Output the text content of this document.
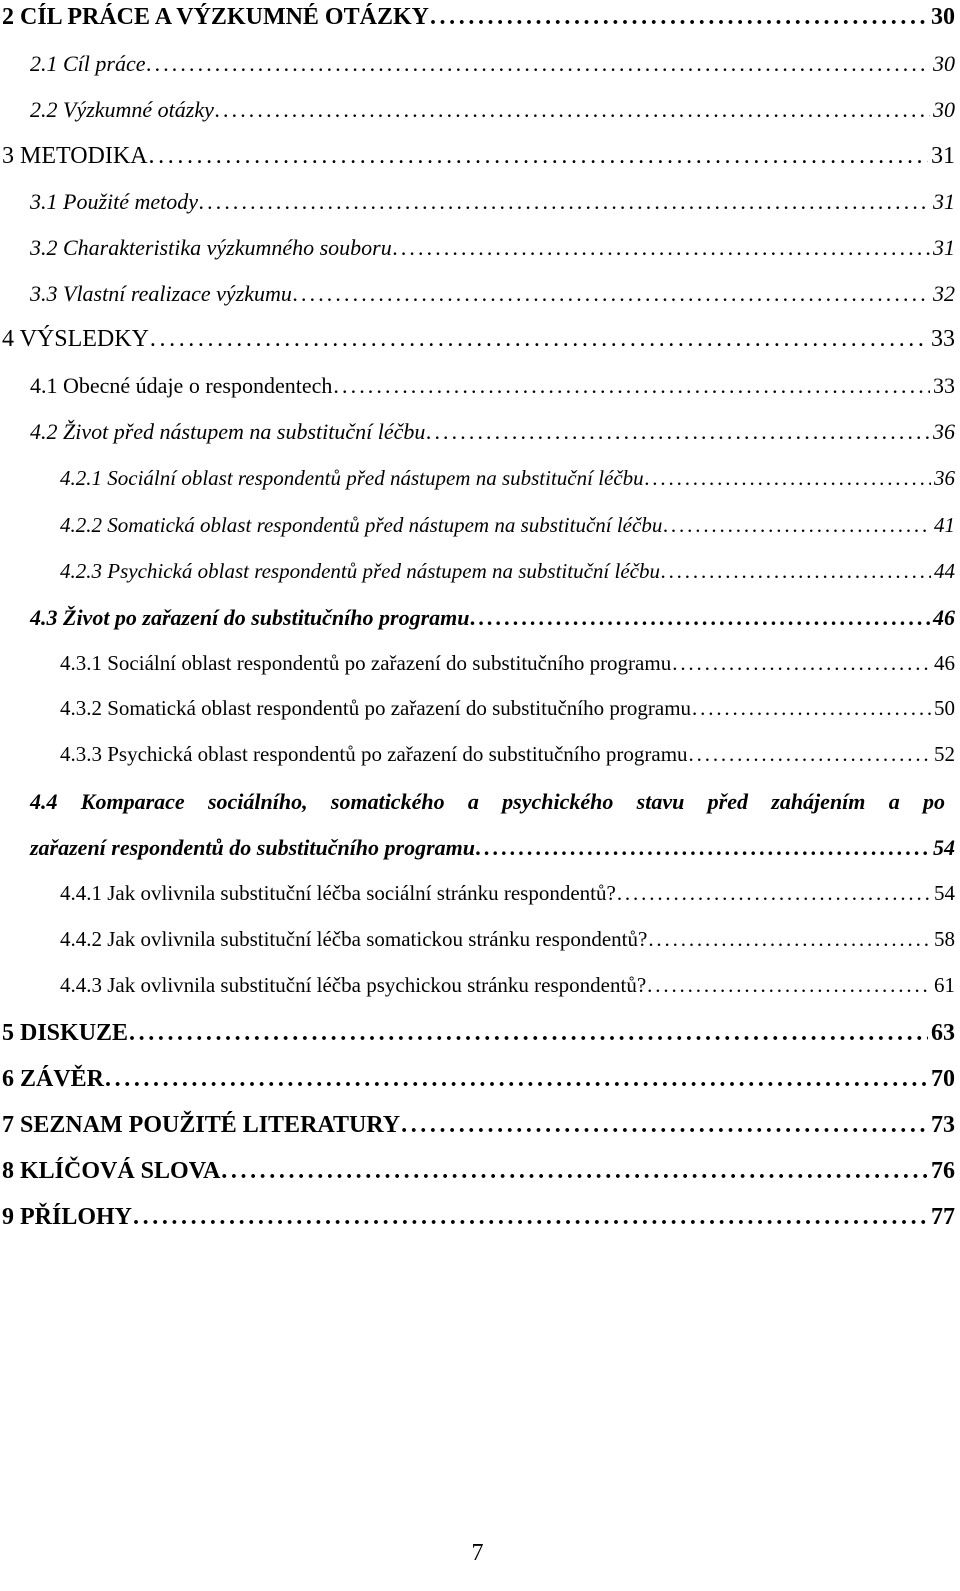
2 CÍL PRÁCE A VÝZKUMNÉ OTÁZKY . . .	30
2.1 Cíl práce . . .	30
2.2 Výzkumné otázky . . .	30
3 METODIKA . . .	31
3.1 Použité metody . . .	31
3.2 Charakteristika výzkumného souboru . . .	31
3.3 Vlastní realizace výzkumu . . .	32
4 VÝSLEDKY . . .	33
4.1 Obecné údaje o respondentech . . .	33
4.2 Život před nástupem na substituční léčbu . . .	36
4.2.1 Sociální oblast respondentů před nástupem na substituční léčbu . . .	36
4.2.2 Somatická oblast respondentů před nástupem na substituční léčbu . . .	41
4.2.3 Psychická oblast respondentů před nástupem na substituční léčbu . . .	44
4.3 Život po zařazení do substitučního programu . . .	46
4.3.1 Sociální oblast respondentů po zařazení do substitučního programu . . .	46
4.3.2 Somatická oblast respondentů po zařazení do substitučního programu . . .	50
4.3.3 Psychická oblast respondentů po zařazení do substitučního programu . . .	52
4.4 Komparace sociálního, somatického a psychického stavu před zahájením a po
zařazení respondentů do substitučního programu . . .	54
4.4.1 Jak ovlivnila substituční léčba sociální stránku respondentů? . . .	54
4.4.2 Jak ovlivnila substituční léčba somatickou stránku respondentů? . . .	58
4.4.3 Jak ovlivnila substituční léčba psychickou stránku respondentů? . . .	61
5 DISKUZE . . .	63
6 ZÁVĚR . . .	70
7 SEZNAM POUŽITÉ LITERATURY . . .	73
8 KLÍČOVÁ SLOVA . . .	76
9 PŘÍLOHY . . .	77
7
